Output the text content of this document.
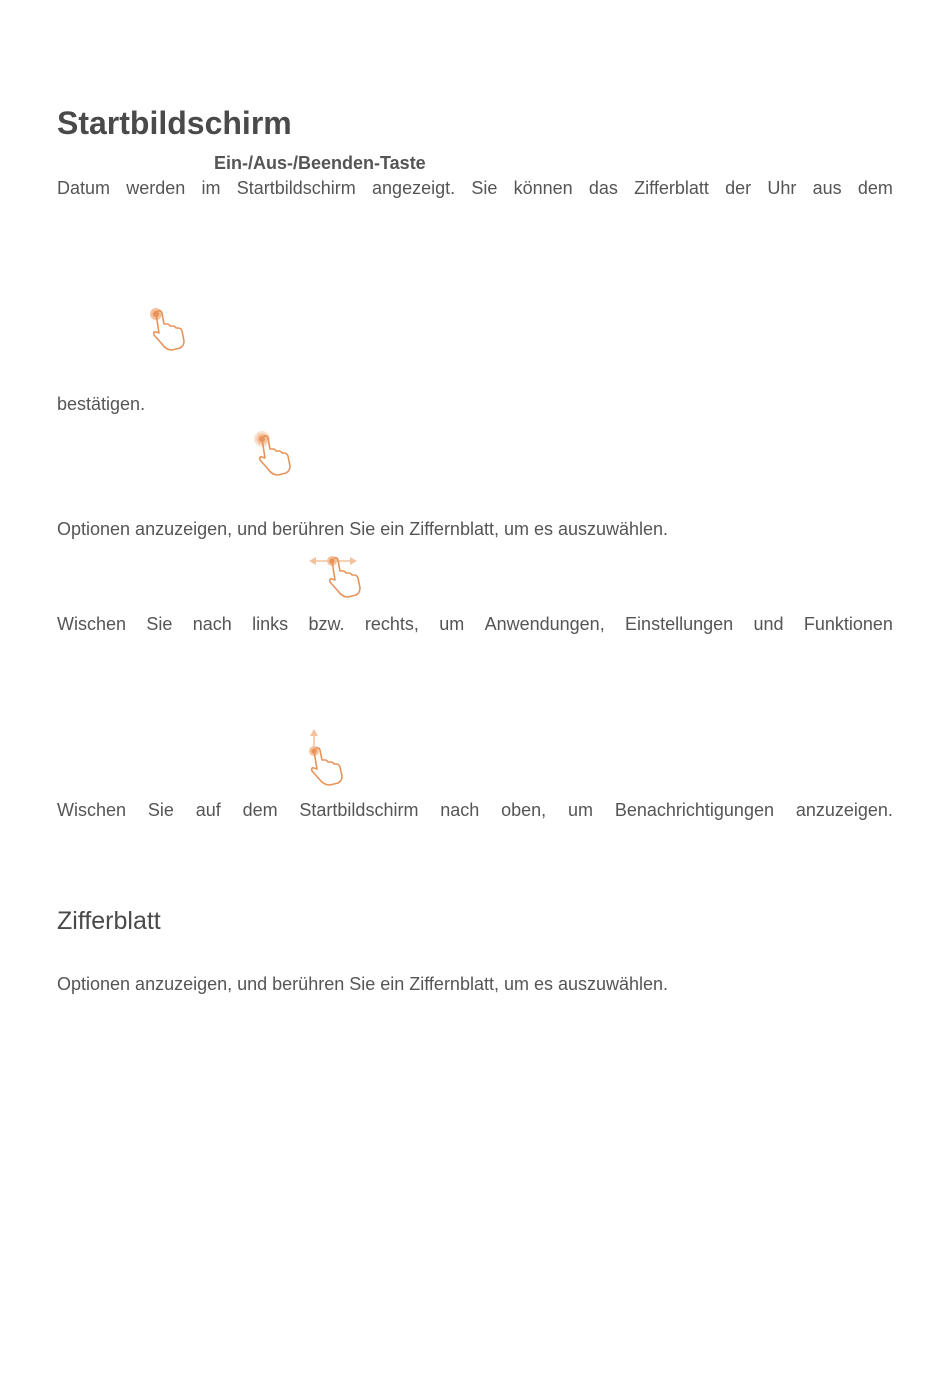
Startbildschirm
Ein-/Aus-/Beenden-Taste
Datum werden im Startbildschirm angezeigt. Sie können das Zifferblatt der Uhr aus dem
bestätigen.
Optionen anzuzeigen, und berühren Sie ein Ziffernblatt, um es auszuwählen.
Wischen Sie nach links bzw. rechts, um Anwendungen, Einstellungen und Funktionen
Wischen Sie auf dem Startbildschirm nach oben, um Benachrichtigungen anzuzeigen.
Zifferblatt
Optionen anzuzeigen, und berühren Sie ein Ziffernblatt, um es auszuwählen.
